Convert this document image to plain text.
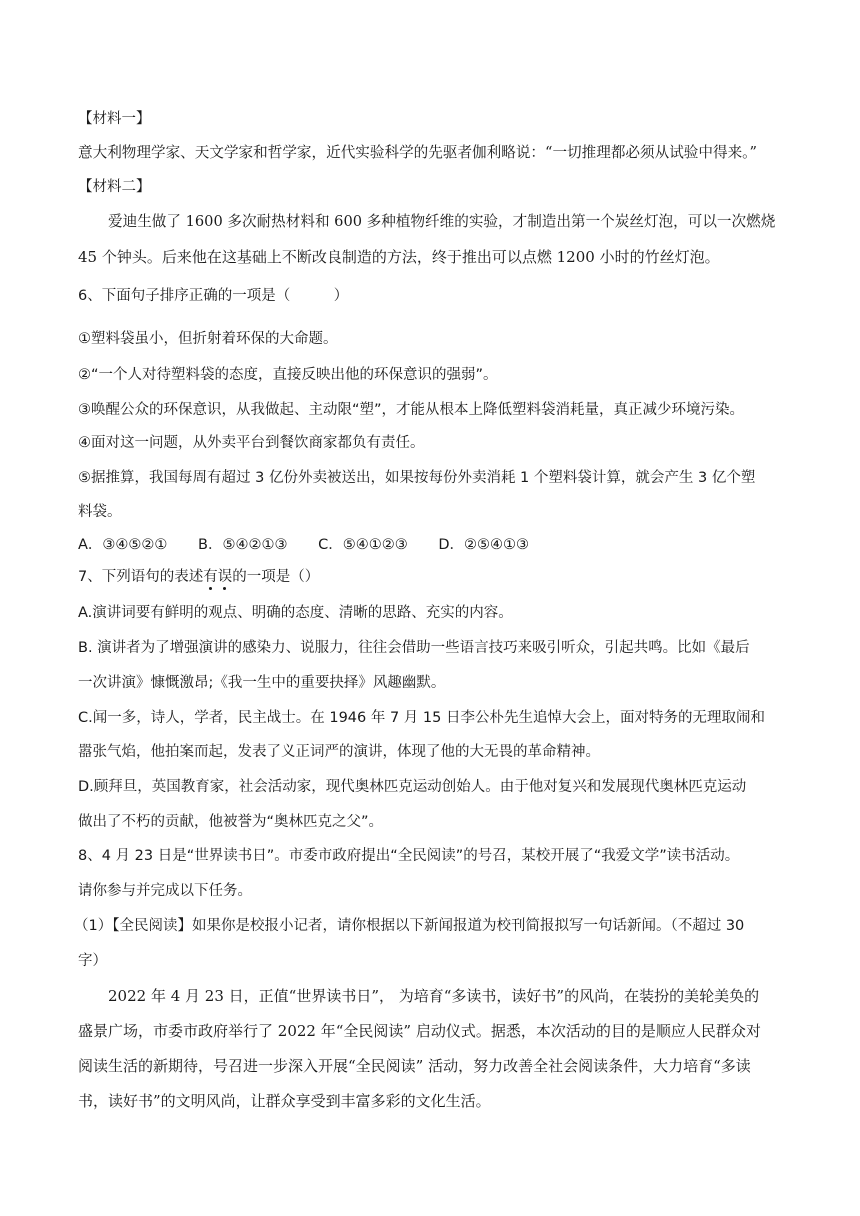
【材料一】
意大利物理学家、天文学家和哲学家，近代实验科学的先驱者伽利略说：“一切推理都必须从试验中得来。”
【材料二】
爱迪生做了 1600 多次耐热材料和 600 多种植物纤维的实验，才制造出第一个炭丝灯泡，可以一次燃烧
45 个钟头。后来他在这基础上不断改良制造的方法，终于推出可以点燃 1200 小时的竹丝灯泡。
6、下面句子排序正确的一项是（　　　）
①塑料袋虽小，但折射着环保的大命题。
②“一个人对待塑料袋的态度，直接反映出他的环保意识的强弱”。
③唤醒公众的环保意识，从我做起、主动限“塑”，才能从根本上降低塑料袋消耗量，真正减少环境污染。
④面对这一问题，从外卖平台到餐饮商家都负有责任。
⑤据推算，我国每周有超过 3 亿份外卖被送出，如果按每份外卖消耗 1 个塑料袋计算，就会产生 3 亿个塑
料袋。
A．③④⑤②① B．⑤④②①③ C．⑤④①②③ D．②⑤④①③
7、下列语句的表述有误的一项是（）
A.演讲词要有鲜明的观点、明确的态度、清晰的思路、充实的内容。
B. 演讲者为了增强演讲的感染力、说服力，往往会借助一些语言技巧来吸引听众，引起共鸣。比如《最后
一次讲演》慷慨激昂;《我一生中的重要抉择》风趣幽默。
C.闻一多，诗人，学者，民主战士。在 1946 年 7 月 15 日李公朴先生追悼大会上，面对特务的无理取闹和
嚣张气焰，他拍案而起，发表了义正词严的演讲，体现了他的大无畏的革命精神。
D.顾拜旦，英国教育家，社会活动家，现代奥林匹克运动创始人。由于他对复兴和发展现代奥林匹克运动
做出了不朽的贡献，他被誉为“奥林匹克之父”。
8、4 月 23 日是“世界读书日”。市委市政府提出“全民阅读”的号召，某校开展了“我爱文学”读书活动。
请你参与并完成以下任务。
（1）【全民阅读】如果你是校报小记者，请你根据以下新闻报道为校刊简报拟写一句话新闻。（不超过 30
字）
2022 年 4 月 23 日，正值“世界读书日”， 为培育“多读书，读好书”的风尚，在装扮的美轮美奂的
盛景广场，市委市政府举行了 2022 年“全民阅读” 启动仪式。据悉，本次活动的目的是顺应人民群众对
阅读生活的新期待，号召进一步深入开展“全民阅读” 活动，努力改善全社会阅读条件，大力培育“多读
书，读好书”的文明风尚，让群众享受到丰富多彩的文化生活。
